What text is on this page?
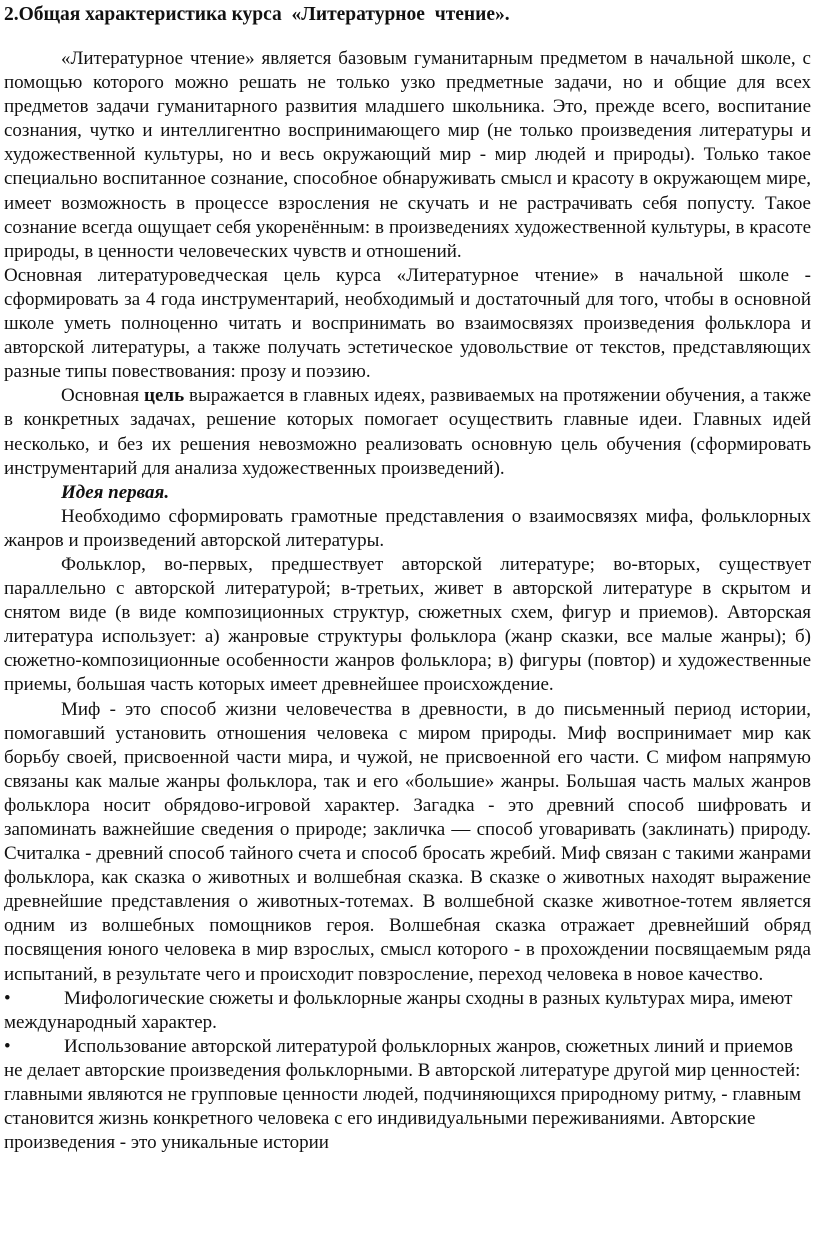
2.Общая характеристика курса  «Литературное  чтение».

«Литературное чтение» является базовым гуманитарным предметом в начальной школе, с помощью которого можно решать не только узко предметные задачи, но и общие для всех предметов задачи гуманитарного развития младшего школьника. Это, прежде всего, воспитание сознания, чутко и интеллигентно воспринимающего мир (не только произведения литературы и художественной культуры, но и весь окружающий мир - мир людей и природы). Только такое специально воспитанное сознание, способное обнаруживать смысл и красоту в окружающем мире, имеет возможность в процессе взросления не скучать и не растрачивать себя попусту. Такое сознание всегда ощущает себя укоренённым: в произведениях художественной культуры, в красоте природы, в ценности человеческих чувств и отношений.

Основная литературоведческая цель курса «Литературное чтение» в начальной школе - сформировать за 4 года инструментарий, необходимый и достаточный для того, чтобы в основной школе уметь полноценно читать и воспринимать во взаимосвязях произведения фольклора и авторской литературы, а также получать эстетическое удовольствие от текстов, представляющих разные типы повествования: прозу и поэзию.

Основная цель выражается в главных идеях, развиваемых на протяжении обучения, а также в конкретных задачах, решение которых помогает осуществить главные идеи. Главных идей несколько, и без их решения невозможно реализовать основную цель обучения (сформировать инструментарий для анализа художественных произведений).

Идея первая.

Необходимо сформировать грамотные представления о взаимосвязях мифа, фольклорных жанров и произведений авторской литературы.

Фольклор, во-первых, предшествует авторской литературе; во-вторых, существует параллельно с авторской литературой; в-третьих, живет в авторской литературе в скрытом и снятом виде (в виде композиционных структур, сюжетных схем, фигур и приемов). Авторская литература использует: а) жанровые структуры фольклора (жанр сказки, все малые жанры); б) сюжетно-композиционные особенности жанров фольклора; в) фигуры (повтор) и художественные приемы, большая часть которых имеет древнейшее происхождение.

Миф - это способ жизни человечества в древности, в до письменный период истории, помогавший установить отношения человека с миром природы. Миф воспринимает мир как борьбу своей, присвоенной части мира, и чужой, не присвоенной его части. С мифом напрямую связаны как малые жанры фольклора, так и его «большие» жанры. Большая часть малых жанров фольклора носит обрядово-игровой характер. Загадка - это древний способ шифровать и запоминать важнейшие сведения о природе; закличка — способ уговаривать (заклинать) природу. Считалка - древний способ тайного счета и способ бросать жребий. Миф связан с такими жанрами фольклора, как сказка о животных и волшебная сказка. В сказке о животных находят выражение древнейшие представления о животных-тотемах. В волшебной сказке животное-тотем является одним из волшебных помощников героя. Волшебная сказка отражает древнейший обряд посвящения юного человека в мир взрослых, смысл которого - в прохождении посвящаемым ряда испытаний, в результате чего и происходит повзросление, переход человека в новое качество.

•	Мифологические сюжеты и фольклорные жанры сходны в разных культурах мира, имеют международный характер.

•	Использование авторской литературой фольклорных жанров, сюжетных линий и приемов не делает авторские произведения фольклорными. В авторской литературе другой мир ценностей: главными являются не групповые ценности людей, подчиняющихся природному ритму, - главным становится жизнь конкретного человека с его индивидуальными переживаниями. Авторские произведения - это уникальные истории
